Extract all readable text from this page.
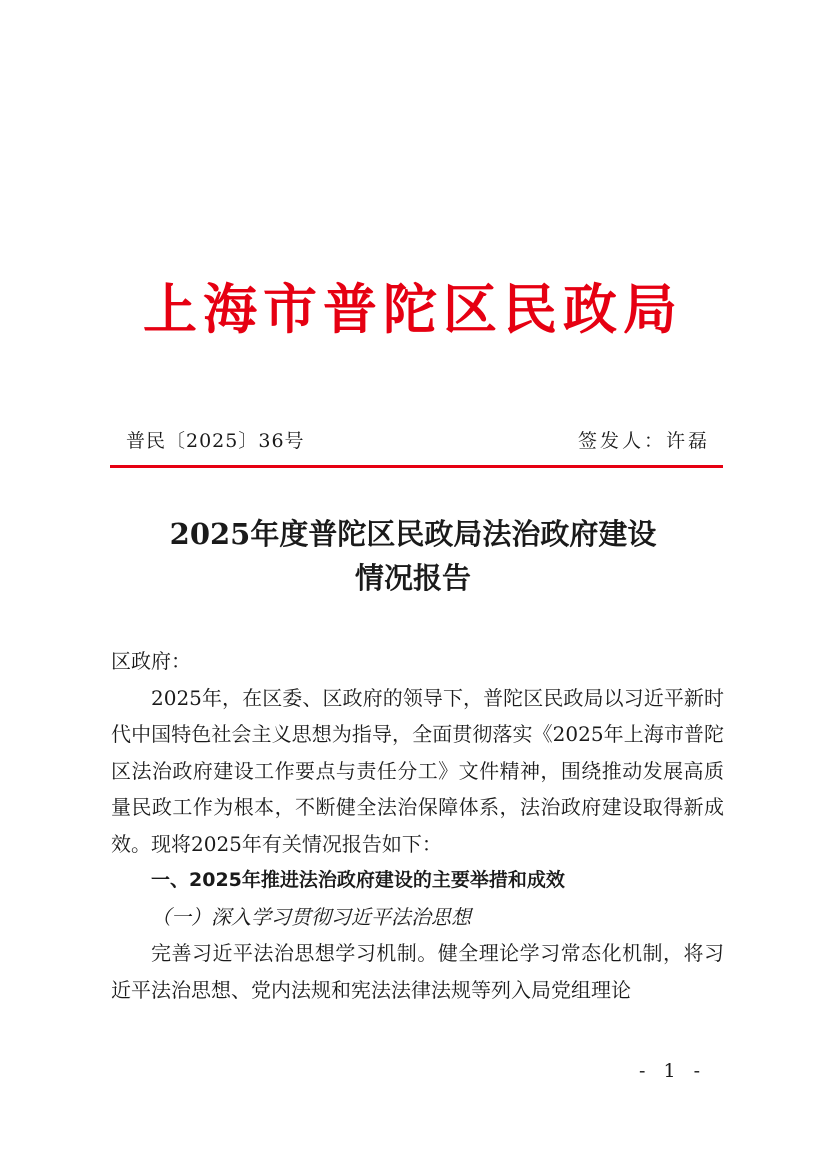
上海市普陀区民政局
普民〔2025〕36号	签发人：许磊
2025年度普陀区民政局法治政府建设
情况报告

区政府：

2025年，在区委、区政府的领导下，普陀区民政局以习近平新时代中国特色社会主义思想为指导，全面贯彻落实《2025年上海市普陀区法治政府建设工作要点与责任分工》文件精神，围绕推动发展高质量民政工作为根本，不断健全法治保障体系，法治政府建设取得新成效。现将2025年有关情况报告如下：

一、2025年推进法治政府建设的主要举措和成效

（一）深入学习贯彻习近平法治思想

完善习近平法治思想学习机制。健全理论学习常态化机制，将习近平法治思想、党内法规和宪法法律法规等列入局党组理论

- 1 -
